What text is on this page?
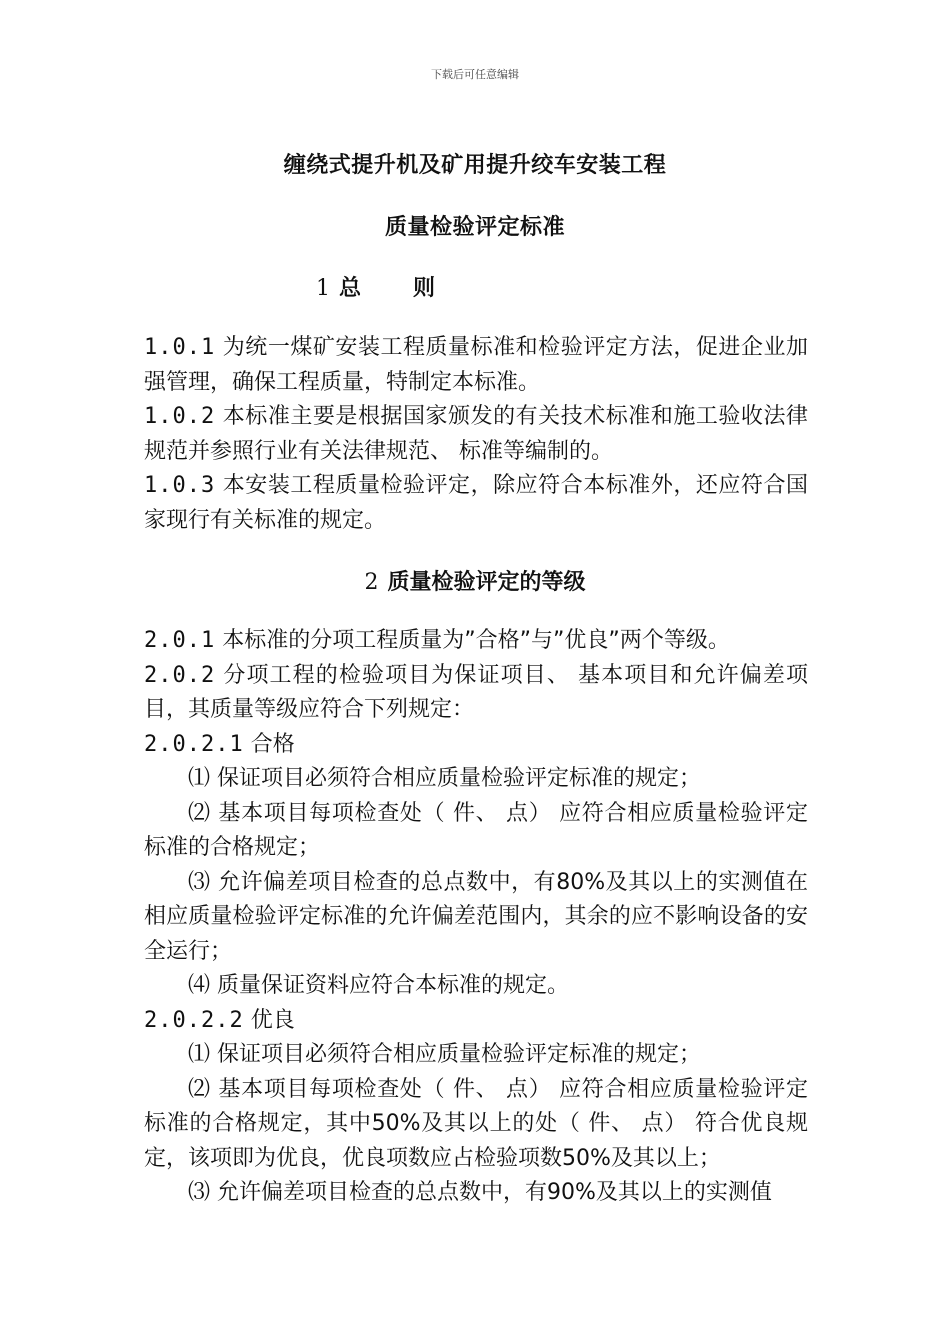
下载后可任意编辑
缠绕式提升机及矿用提升绞车安装工程
质量检验评定标准
1 总 则

1.0.1 为统一煤矿安装工程质量标准和检验评定方法，促进企业加强管理，确保工程质量，特制定本标准。

1.0.2 本标准主要是根据国家颁发的有关技术标准和施工验收法律规范并参照行业有关法律规范、 标准等编制的。

1.0.3 本安装工程质量检验评定，除应符合本标准外，还应符合国家现行有关标准的规定。

2 质量检验评定的等级

2.0.1 本标准的分项工程质量为”合格”与”优良”两个等级。

2.0.2 分项工程的检验项目为保证项目、 基本项目和允许偏差项目，其质量等级应符合下列规定：

2.0.2.1 合格

⑴ 保证项目必须符合相应质量检验评定标准的规定；

⑵ 基本项目每项检查处（ 件、 点） 应符合相应质量检验评定标准的合格规定；

⑶ 允许偏差项目检查的总点数中，有80%及其以上的实测值在相应质量检验评定标准的允许偏差范围内，其余的应不影响设备的安全运行；

⑷ 质量保证资料应符合本标准的规定。

2.0.2.2 优良

⑴ 保证项目必须符合相应质量检验评定标准的规定；

⑵ 基本项目每项检查处（ 件、 点） 应符合相应质量检验评定标准的合格规定，其中50%及其以上的处（ 件、 点） 符合优良规定，该项即为优良，优良项数应占检验项数50%及其以上；

⑶ 允许偏差项目检查的总点数中，有90%及其以上的实测值
